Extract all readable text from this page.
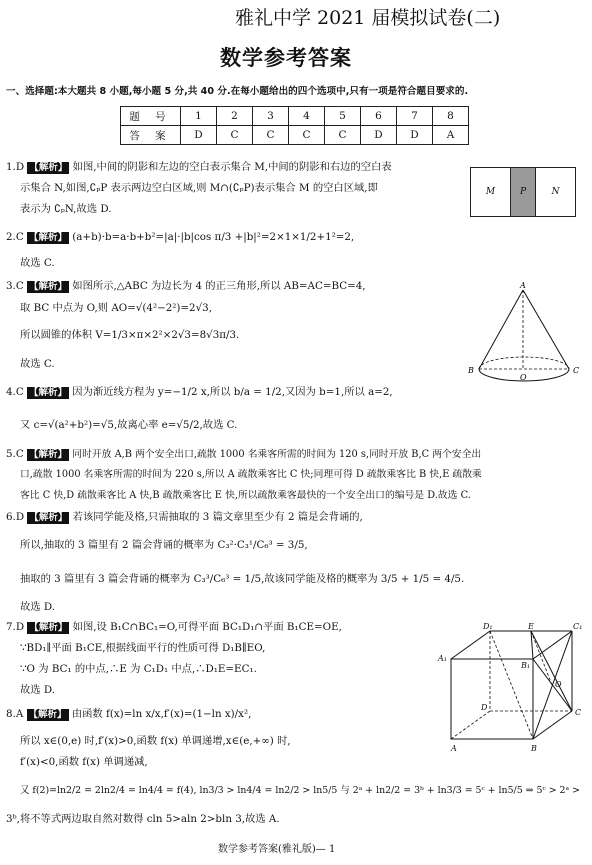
雅礼中学 2021 届模拟试卷(二)
数学参考答案
一、选择题:本大题共 8 小题,每小题 5 分,共 40 分.在每小题给出的四个选项中,只有一项是符合题目要求的.
题 号	1	2	3	4	5	6	7	8
答 案	D	C	C	C	C	D	D	A
1.D 【解析】 如图,中间的阴影和左边的空白表示集合 M,中间的阴影和右边的空白表
示集合 N,如图,∁ₚP 表示两边空白区域,则 M∩(∁ₚP)表示集合 M 的空白区域,即
表示为 ∁ₚN,故选 D.
M	P	N
2.C 【解析】 (a+b)·b=a·b+b²=|a|·|b|cos π/3 +|b|²=2×1×1/2+1²=2,
故选 C.
3.C 【解析】 如图所示,△ABC 为边长为 4 的正三角形,所以 AB=AC=BC=4,
取 BC 中点为 O,则 AO=√(4²−2²)=2√3,
所以圆锥的体积 V=1/3×π×2²×2√3=8√3π/3.
故选 C.
A
B	C
O
4.C 【解析】 因为渐近线方程为 y=−1/2 x,所以 b/a = 1/2,又因为 b=1,所以 a=2,
又 c=√(a²+b²)=√5,故离心率 e=√5/2,故选 C.
5.C 【解析】 同时开放 A,B 两个安全出口,疏散 1000 名乘客所需的时间为 120 s,同时开放 B,C 两个安全出
口,疏散 1000 名乘客所需的时间为 220 s,所以 A 疏散乘客比 C 快;同理可得 D 疏散乘客比 B 快,E 疏散乘
客比 C 快,D 疏散乘客比 A 快,B 疏散乘客比 E 快,所以疏散乘客最快的一个安全出口的编号是 D.故选 C.
6.D 【解析】 若该同学能及格,只需抽取的 3 篇文章里至少有 2 篇是会背诵的,
所以,抽取的 3 篇里有 2 篇会背诵的概率为 C₃²·C₃¹/C₆³ = 3/5,
抽取的 3 篇里有 3 篇会背诵的概率为 C₃³/C₆³ = 1/5,故该同学能及格的概率为 3/5 + 1/5 = 4/5.
故选 D.
7.D 【解析】 如图,设 B₁C∩BC₁=O,可得平面 BC₁D₁∩平面 B₁CE=OE,
∵BD₁∥平面 B₁CE,根据线面平行的性质可得 D₁B∥EO,
∵O 为 BC₁ 的中点,∴E 为 C₁D₁ 中点,∴D₁E=EC₁.
故选 D.
D₁	E	C₁
A₁
B₁
O
D
C
A	B
8.A 【解析】 由函数 f(x)=ln x/x,f′(x)=(1−ln x)/x²,
所以 x∈(0,e) 时,f′(x)>0,函数 f(x) 单调递增,x∈(e,+∞) 时,
f′(x)<0,函数 f(x) 单调递减,
又 f(2)=ln2/2 = 2ln2/4 = ln4/4 = f(4), ln3/3 > ln4/4 = ln2/2 > ln5/5 与 2ᵃ + ln2/2 = 3ᵇ + ln3/3 = 5ᶜ + ln5/5 ⇒ 5ᶜ > 2ᵃ >
3ᵇ,将不等式两边取自然对数得 cln 5>aln 2>bln 3,故选 A.
数学参考答案(雅礼版)— 1
